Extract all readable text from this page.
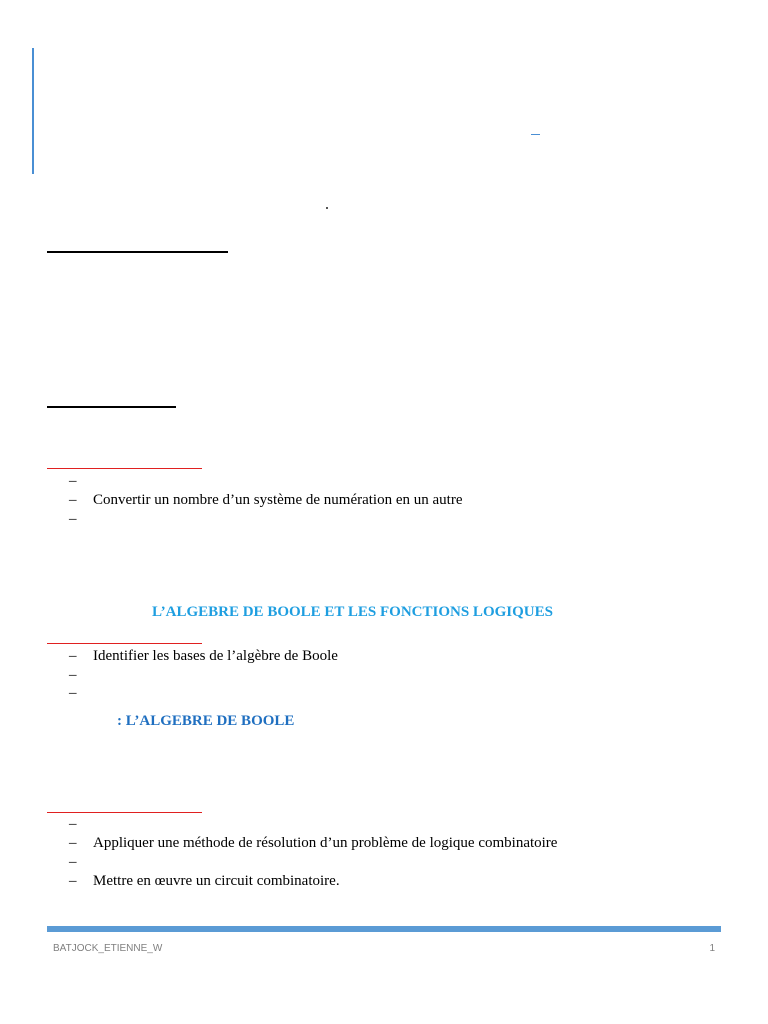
–
– Convertir un nombre d’un système de numération en un autre
–
L’ALGEBRE DE BOOLE ET LES FONCTIONS LOGIQUES
– Identifier les bases de l’algèbre de Boole
–
–
: L’ALGEBRE DE BOOLE
–
– Appliquer une méthode de résolution d’un problème de logique combinatoire
–
– Mettre en œuvre un circuit combinatoire.
BATJOCK_ETIENNE_W	1
